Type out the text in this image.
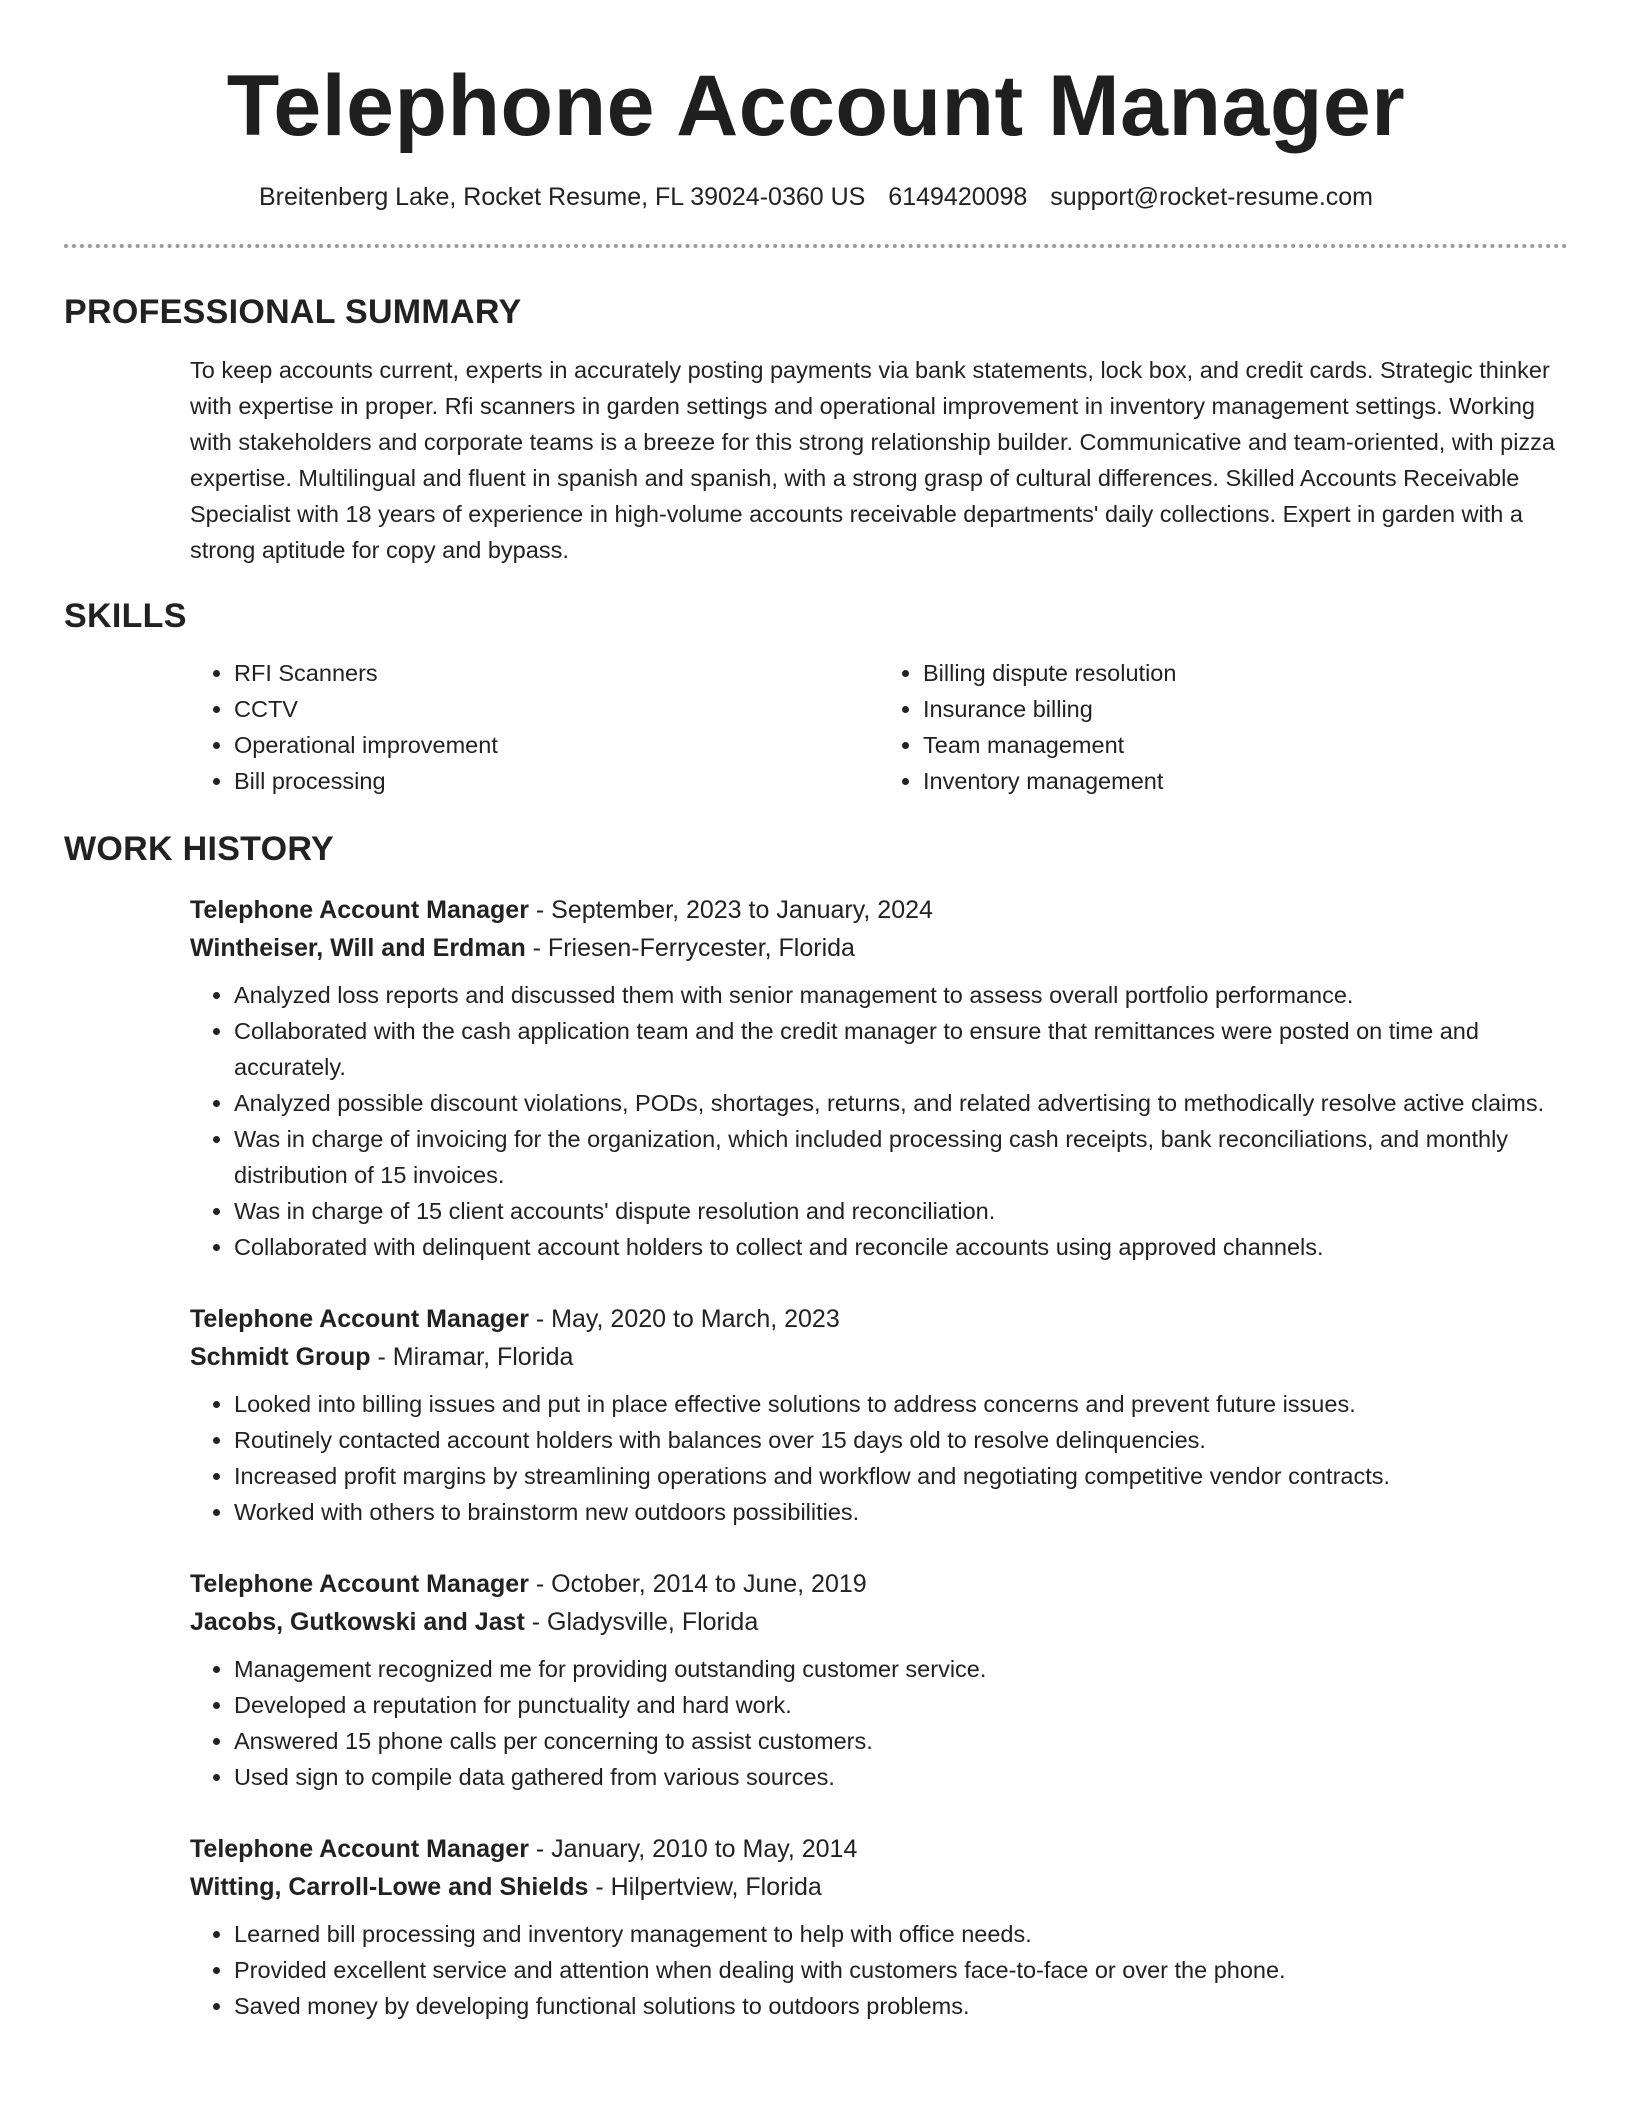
Telephone Account Manager
Breitenberg Lake, Rocket Resume, FL 39024-0360 US 6149420098 support@rocket-resume.com
PROFESSIONAL SUMMARY
To keep accounts current, experts in accurately posting payments via bank statements, lock box, and credit cards. Strategic thinker with expertise in proper. Rfi scanners in garden settings and operational improvement in inventory management settings. Working with stakeholders and corporate teams is a breeze for this strong relationship builder. Communicative and team-oriented, with pizza expertise. Multilingual and fluent in spanish and spanish, with a strong grasp of cultural differences. Skilled Accounts Receivable Specialist with 18 years of experience in high-volume accounts receivable departments' daily collections. Expert in garden with a strong aptitude for copy and bypass.
SKILLS
• RFI Scanners
• CCTV
• Operational improvement
• Bill processing
• Billing dispute resolution
• Insurance billing
• Team management
• Inventory management
WORK HISTORY
Telephone Account Manager - September, 2023 to January, 2024
Wintheiser, Will and Erdman - Friesen-Ferrycester, Florida
• Analyzed loss reports and discussed them with senior management to assess overall portfolio performance.
• Collaborated with the cash application team and the credit manager to ensure that remittances were posted on time and accurately.
• Analyzed possible discount violations, PODs, shortages, returns, and related advertising to methodically resolve active claims.
• Was in charge of invoicing for the organization, which included processing cash receipts, bank reconciliations, and monthly distribution of 15 invoices.
• Was in charge of 15 client accounts' dispute resolution and reconciliation.
• Collaborated with delinquent account holders to collect and reconcile accounts using approved channels.
Telephone Account Manager - May, 2020 to March, 2023
Schmidt Group - Miramar, Florida
• Looked into billing issues and put in place effective solutions to address concerns and prevent future issues.
• Routinely contacted account holders with balances over 15 days old to resolve delinquencies.
• Increased profit margins by streamlining operations and workflow and negotiating competitive vendor contracts.
• Worked with others to brainstorm new outdoors possibilities.
Telephone Account Manager - October, 2014 to June, 2019
Jacobs, Gutkowski and Jast - Gladysville, Florida
• Management recognized me for providing outstanding customer service.
• Developed a reputation for punctuality and hard work.
• Answered 15 phone calls per concerning to assist customers.
• Used sign to compile data gathered from various sources.
Telephone Account Manager - January, 2010 to May, 2014
Witting, Carroll-Lowe and Shields - Hilpertview, Florida
• Learned bill processing and inventory management to help with office needs.
• Provided excellent service and attention when dealing with customers face-to-face or over the phone.
• Saved money by developing functional solutions to outdoors problems.
